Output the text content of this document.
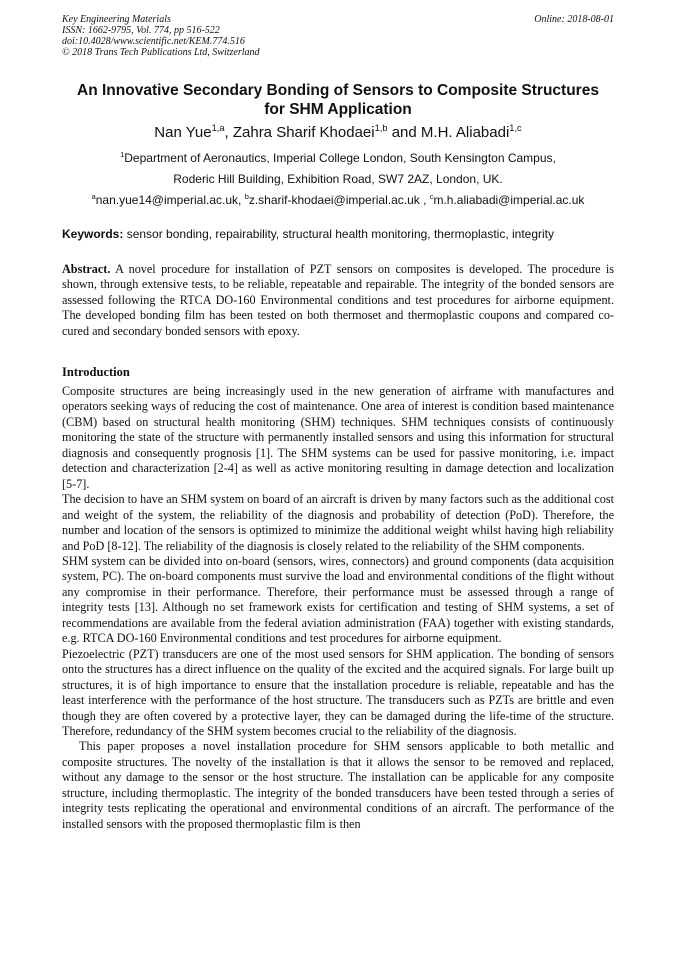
Key Engineering Materials
ISSN: 1662-9795, Vol. 774, pp 516-522
doi:10.4028/www.scientific.net/KEM.774.516
© 2018 Trans Tech Publications Ltd, Switzerland
Online: 2018-08-01
An Innovative Secondary Bonding of Sensors to Composite Structures
for SHM Application
Nan Yue$^{1,a}$, Zahra Sharif Khodaei$^{1,b}$ and M.H. Aliabadi$^{1,c}$
$^1$Department of Aeronautics, Imperial College London, South Kensington Campus,
Roderic Hill Building, Exhibition Road, SW7 2AZ, London, UK.
$^a$nan.yue14@imperial.ac.uk, $^b$z.sharif-khodaei@imperial.ac.uk , $^c$m.h.aliabadi@imperial.ac.uk
Keywords: sensor bonding, repairability, structural health monitoring, thermoplastic, integrity

Abstract. A novel procedure for installation of PZT sensors on composites is developed. The procedure is shown, through extensive tests, to be reliable, repeatable and repairable. The integrity of the bonded sensors are assessed following the RTCA DO-160 Environmental conditions and test procedures for airborne equipment. The developed bonding film has been tested on both thermoset and thermoplastic coupons and compared co-cured and secondary bonded sensors with epoxy.

Introduction

Composite structures are being increasingly used in the new generation of airframe with manufactures and operators seeking ways of reducing the cost of maintenance. One area of interest is condition based maintenance (CBM) based on structural health monitoring (SHM) techniques. SHM techniques consists of continuously monitoring the state of the structure with permanently installed sensors and using this information for structural diagnosis and consequently prognosis [1]. The SHM systems can be used for passive monitoring, i.e. impact detection and characterization [2-4] as well as active monitoring resulting in damage detection and localization [5-7].

The decision to have an SHM system on board of an aircraft is driven by many factors such as the additional cost and weight of the system, the reliability of the diagnosis and probability of detection (PoD). Therefore, the number and location of the sensors is optimized to minimize the additional weight whilst having high reliability and PoD [8-12]. The reliability of the diagnosis is closely related to the reliability of the SHM components.

SHM system can be divided into on-board (sensors, wires, connectors) and ground components (data acquisition system, PC). The on-board components must survive the load and environmental conditions of the flight without any compromise in their performance. Therefore, their performance must be assessed through a range of integrity tests [13]. Although no set framework exists for certification and testing of SHM systems, a set of recommendations are available from the federal aviation administration (FAA) together with existing standards, e.g. RTCA DO-160 Environmental conditions and test procedures for airborne equipment.

Piezoelectric (PZT) transducers are one of the most used sensors for SHM application. The bonding of sensors onto the structures has a direct influence on the quality of the excited and the acquired signals. For large built up structures, it is of high importance to ensure that the installation procedure is reliable, repeatable and has the least interference with the performance of the host structure. The transducers such as PZTs are brittle and even though they are often covered by a protective layer, they can be damaged during the life-time of the structure. Therefore, redundancy of the SHM system becomes crucial to the reliability of the diagnosis.

This paper proposes a novel installation procedure for SHM sensors applicable to both metallic and composite structures. The novelty of the installation is that it allows the sensor to be removed and replaced, without any damage to the sensor or the host structure. The installation can be applicable for any composite structure, including thermoplastic. The integrity of the bonded transducers have been tested through a series of integrity tests replicating the operational and environmental conditions of an aircraft. The performance of the installed sensors with the proposed thermoplastic film is then
